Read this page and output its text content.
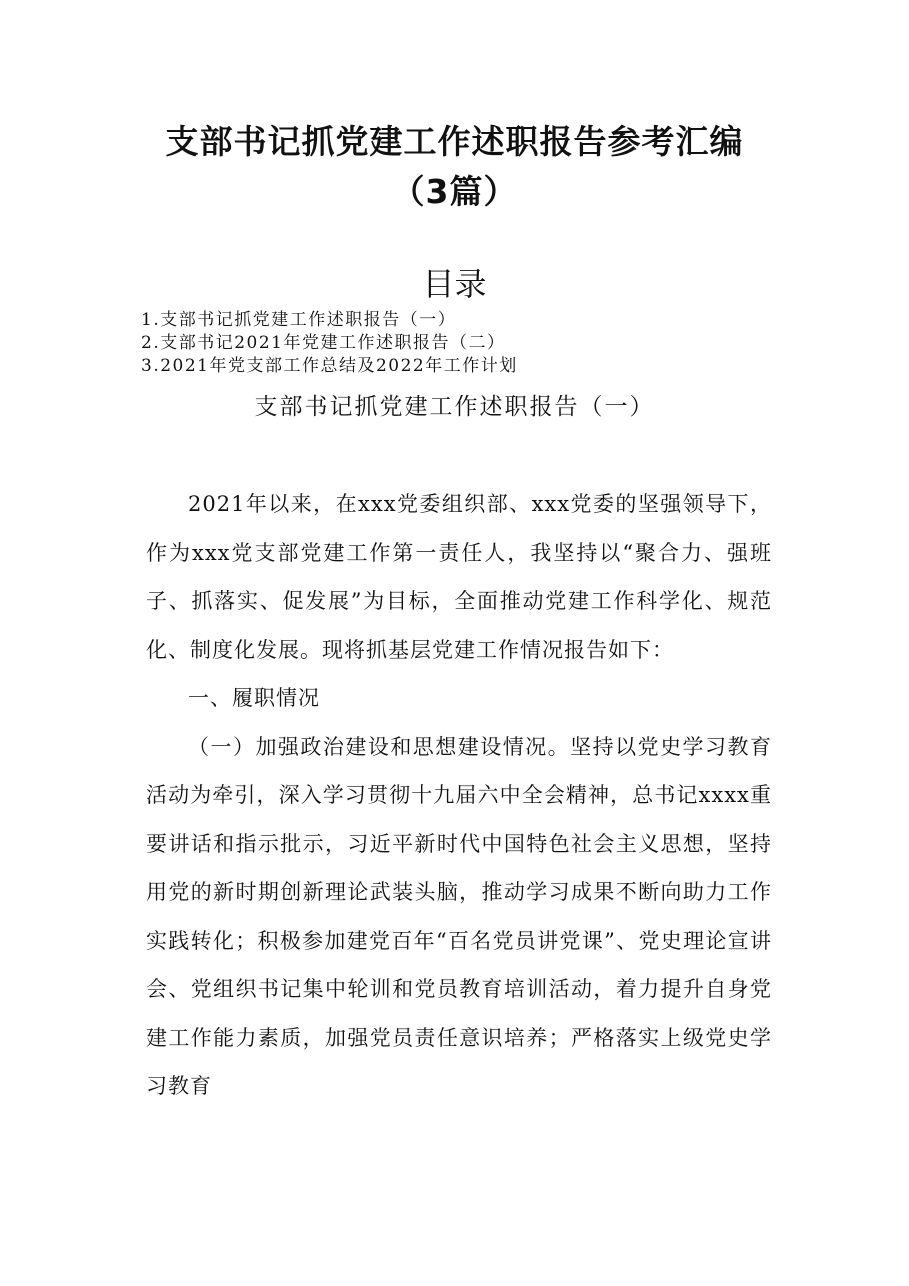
支部书记抓党建工作述职报告参考汇编
（3篇）
目录
1.支部书记抓党建工作述职报告（一）
2.支部书记2021年党建工作述职报告（二）
3.2021年党支部工作总结及2022年工作计划
支部书记抓党建工作述职报告（一）

2021年以来，在xxx党委组织部、xxx党委的坚强领导下，作为xxx党支部党建工作第一责任人，我坚持以“聚合力、强班子、抓落实、促发展”为目标，全面推动党建工作科学化、规范化、制度化发展。现将抓基层党建工作情况报告如下：

一、履职情况

（一）加强政治建设和思想建设情况。坚持以党史学习教育活动为牵引，深入学习贯彻十九届六中全会精神，总书记xxxx重要讲话和指示批示，习近平新时代中国特色社会主义思想，坚持用党的新时期创新理论武装头脑，推动学习成果不断向助力工作实践转化；积极参加建党百年“百名党员讲党课”、党史理论宣讲会、党组织书记集中轮训和党员教育培训活动，着力提升自身党建工作能力素质，加强党员责任意识培养；严格落实上级党史学习教育
